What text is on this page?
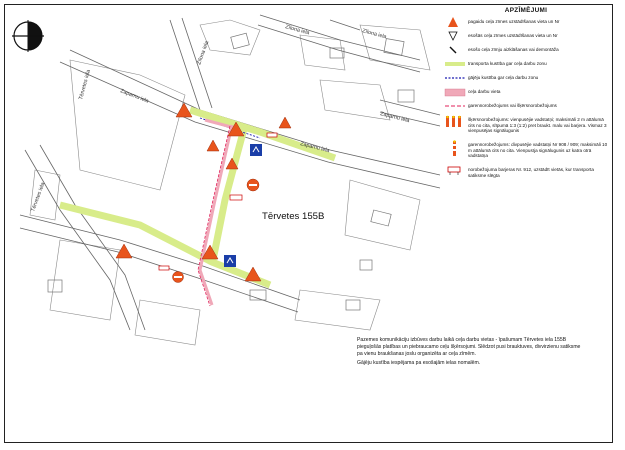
Zaparnu iela
Zaparnu iela
Zaparnu iela
Zīlona iela
Zīlona iela	Zīlona iela
Tērvetes iela
Tērvetes iela
Tērvetes 155B
APZĪMĒJUMI
pagaidu ceļa zīmes uzstādīšanas vieta un Nr
esošās ceļa zīmes uzstādīšanas vieta un Nr
esošo ceļa zīmju aizklāšanas vai demontāža
transporta kustība gar ceļa darbu zonu
gājēju kustība gar ceļa darbu zonu
ceļa darbu vieta
garennorobežojums vai šķērsnorobežojums
šķērsnorobežojums: vienpusējie vadstatņi; maksimāli 2 m attālumā cits no cita, slīpumā 1:3 (1:2) pret braukt. malu vai barjera. Vismaz 3 vienpusējas signālugunis
garennorobežojums: divpusējie vadstatņi Nr 908 / 909; maksimāli 10 m attālumā cits no cita. Vienpusīja signālugunis uz katra otrā vadstatņa
norobežojuma barjeras Nr. 912, uzstādīt vietās, kur transporta satiksme slēgta

Pazemes komunikāciju izbūves darbu laikā ceļa darbu vietas - īpašumam Tērvetes iela 155B pieguļošās platības un piebraucamo ceļu šķērsojumi. Slēdzot pusi brauktuves, divvirzienu satiksme pa vienu braukšanas joslu organizēta ar ceļa zīmēm.

Gājēju kustība iespējama pa esošajām ielas nomalēm.
